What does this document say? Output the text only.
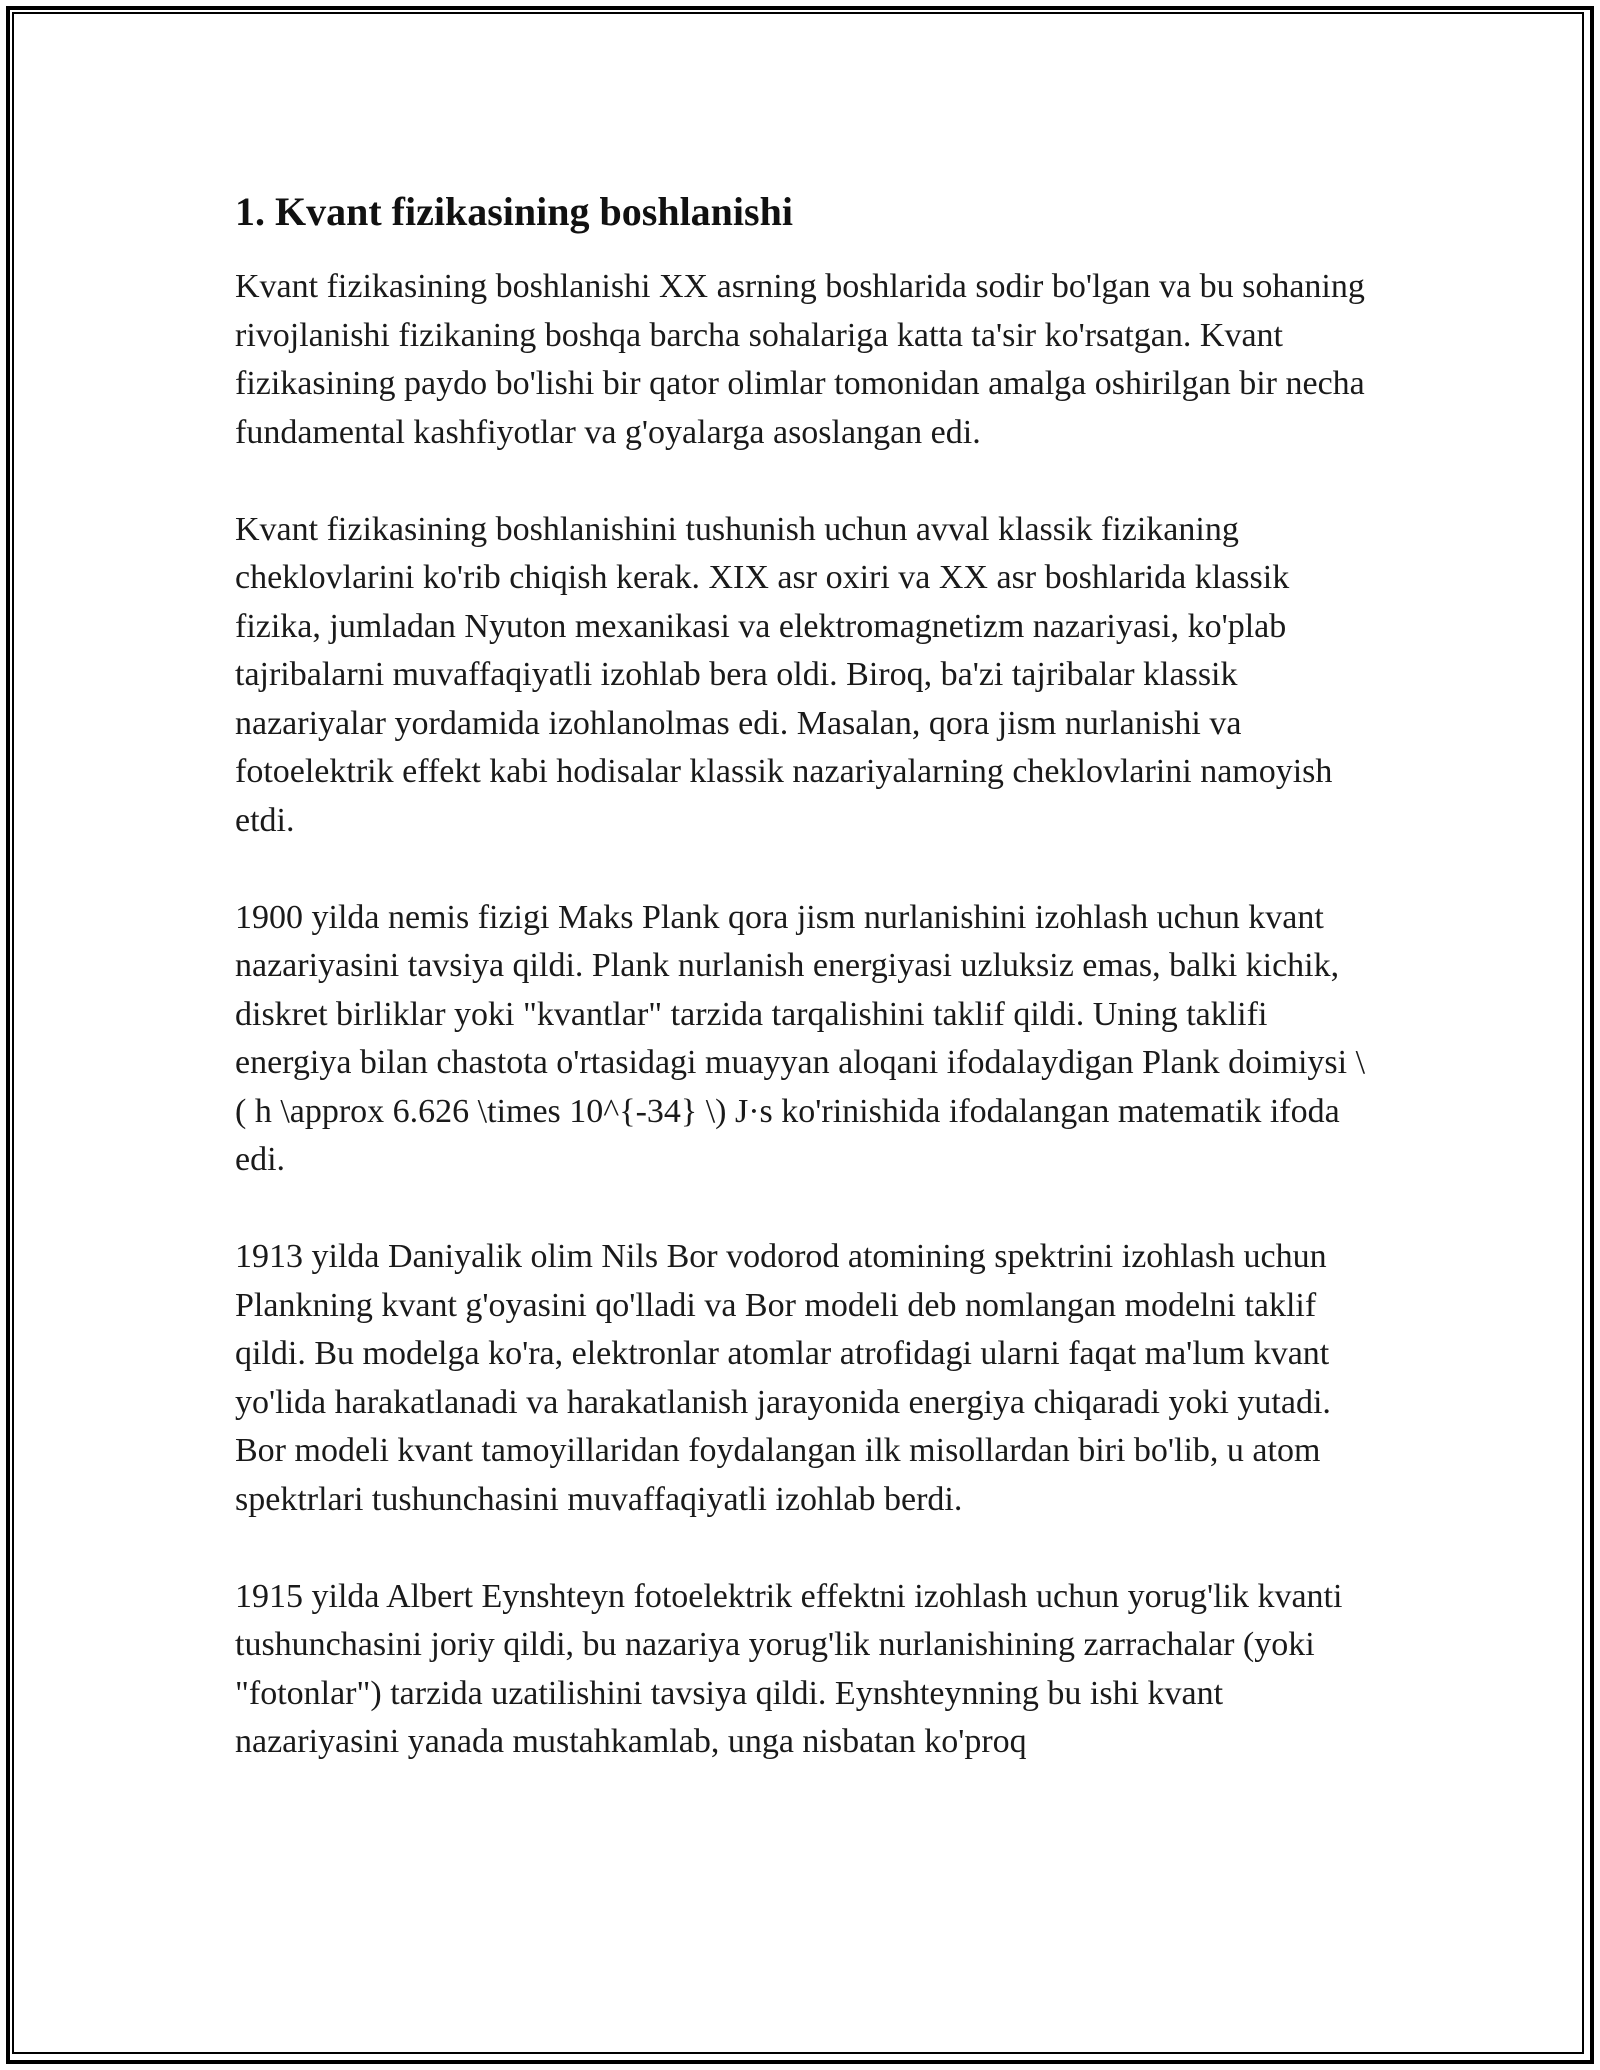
1. Kvant fizikasining boshlanishi

Kvant fizikasining boshlanishi XX asrning boshlarida sodir bo'lgan va bu sohaning rivojlanishi fizikaning boshqa barcha sohalariga katta ta'sir ko'rsatgan. Kvant fizikasining paydo bo'lishi bir qator olimlar tomonidan amalga oshirilgan bir necha fundamental kashfiyotlar va g'oyalarga asoslangan edi.

Kvant fizikasining boshlanishini tushunish uchun avval klassik fizikaning cheklovlarini ko'rib chiqish kerak. XIX asr oxiri va XX asr boshlarida klassik fizika, jumladan Nyuton mexanikasi va elektromagnetizm nazariyasi, ko'plab tajribalarni muvaffaqiyatli izohlab bera oldi. Biroq, ba'zi tajribalar klassik nazariyalar yordamida izohlanolmas edi. Masalan, qora jism nurlanishi va fotoelektrik effekt kabi hodisalar klassik nazariyalarning cheklovlarini namoyish etdi.

1900 yilda nemis fizigi Maks Plank qora jism nurlanishini izohlash uchun kvant nazariyasini tavsiya qildi. Plank nurlanish energiyasi uzluksiz emas, balki kichik, diskret birliklar yoki "kvantlar" tarzida tarqalishini taklif qildi. Uning taklifi energiya bilan chastota o'rtasidagi muayyan aloqani ifodalaydigan Plank doimiysi \( h \approx 6.626 \times 10^{-34} \) J·s ko'rinishida ifodalangan matematik ifoda edi.

1913 yilda Daniyalik olim Nils Bor vodorod atomining spektrini izohlash uchun Plankning kvant g'oyasini qo'lladi va Bor modeli deb nomlangan modelni taklif qildi. Bu modelga ko'ra, elektronlar atomlar atrofidagi ularni faqat ma'lum kvant yo'lida harakatlanadi va harakatlanish jarayonida energiya chiqaradi yoki yutadi. Bor modeli kvant tamoyillaridan foydalangan ilk misollardan biri bo'lib, u atom spektrlari tushunchasini muvaffaqiyatli izohlab berdi.

1915 yilda Albert Eynshteyn fotoelektrik effektni izohlash uchun yorug'lik kvanti tushunchasini joriy qildi, bu nazariya yorug'lik nurlanishining zarrachalar (yoki "fotonlar") tarzida uzatilishini tavsiya qildi. Eynshteynning bu ishi kvant nazariyasini yanada mustahkamlab, unga nisbatan ko'proq
